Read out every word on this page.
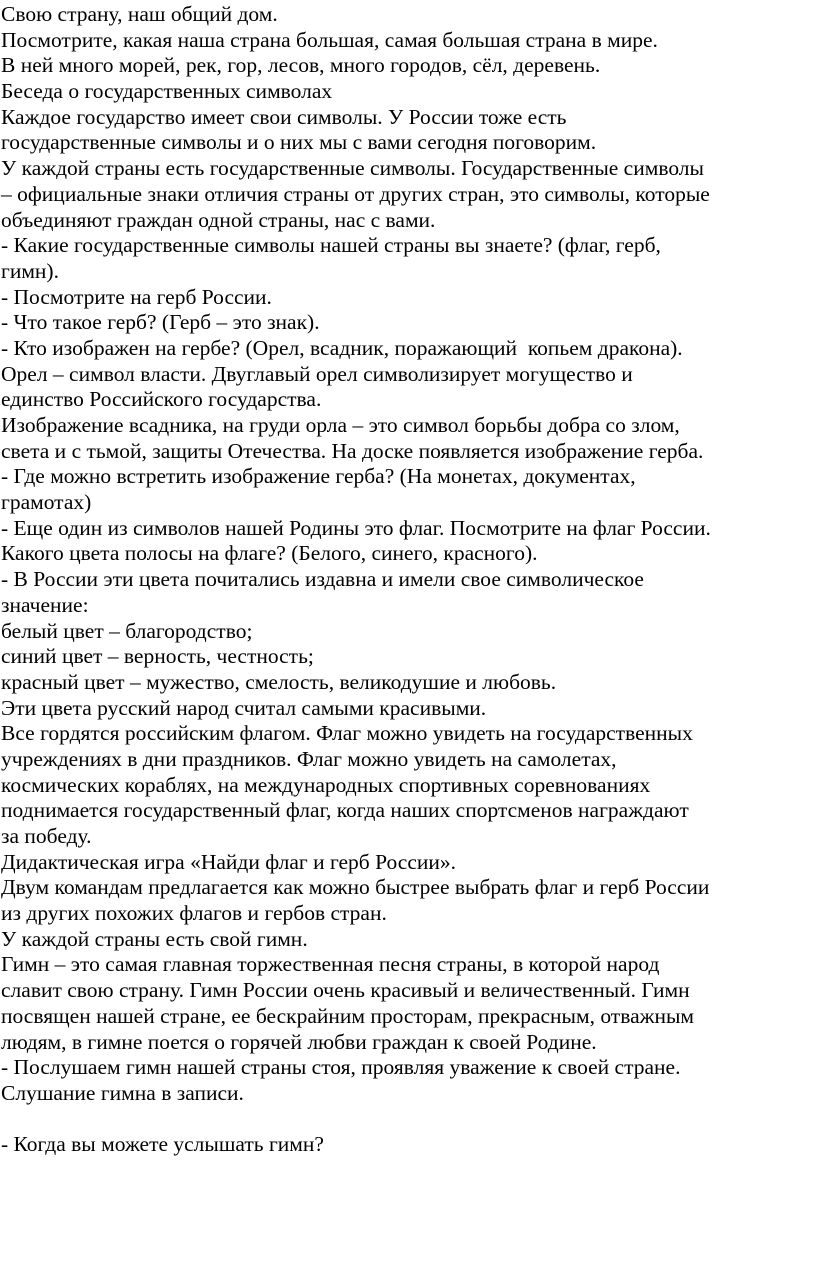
Свою страну, наш общий дом.
Посмотрите, какая наша страна большая, самая большая страна в мире.
В ней много морей, рек, гор, лесов, много городов, сёл, деревень.
Беседа о государственных символах
Каждое государство имеет свои символы. У России тоже есть
государственные символы и о них мы с вами сегодня поговорим.
У каждой страны есть государственные символы. Государственные символы
– официальные знаки отличия страны от других стран, это символы, которые
объединяют граждан одной страны, нас с вами.
- Какие государственные символы нашей страны вы знаете? (флаг, герб,
гимн).
- Посмотрите на герб России.
- Что такое герб? (Герб – это знак).
- Кто изображен на гербе? (Орел, всадник, поражающий  копьем дракона).
Орел – символ власти. Двуглавый орел символизирует могущество и
единство Российского государства.
Изображение всадника, на груди орла – это символ борьбы добра со злом,
света и с тьмой, защиты Отечества. На доске появляется изображение герба.
- Где можно встретить изображение герба? (На монетах, документах,
грамотах)
- Еще один из символов нашей Родины это флаг. Посмотрите на флаг России.
Какого цвета полосы на флаге? (Белого, синего, красного).
- В России эти цвета почитались издавна и имели свое символическое
значение:
белый цвет – благородство;
синий цвет – верность, честность;
красный цвет – мужество, смелость, великодушие и любовь.
Эти цвета русский народ считал самыми красивыми.
Все гордятся российским флагом. Флаг можно увидеть на государственных
учреждениях в дни праздников. Флаг можно увидеть на самолетах,
космических кораблях, на международных спортивных соревнованиях
поднимается государственный флаг, когда наших спортсменов награждают
за победу.
Дидактическая игра «Найди флаг и герб России».
Двум командам предлагается как можно быстрее выбрать флаг и герб России
из других похожих флагов и гербов стран.
У каждой страны есть свой гимн.
Гимн – это самая главная торжественная песня страны, в которой народ
славит свою страну. Гимн России очень красивый и величественный. Гимн
посвящен нашей стране, ее бескрайним просторам, прекрасным, отважным
людям, в гимне поется о горячей любви граждан к своей Родине.
- Послушаем гимн нашей страны стоя, проявляя уважение к своей стране.
Слушание гимна в записи.
- Когда вы можете услышать гимн?
